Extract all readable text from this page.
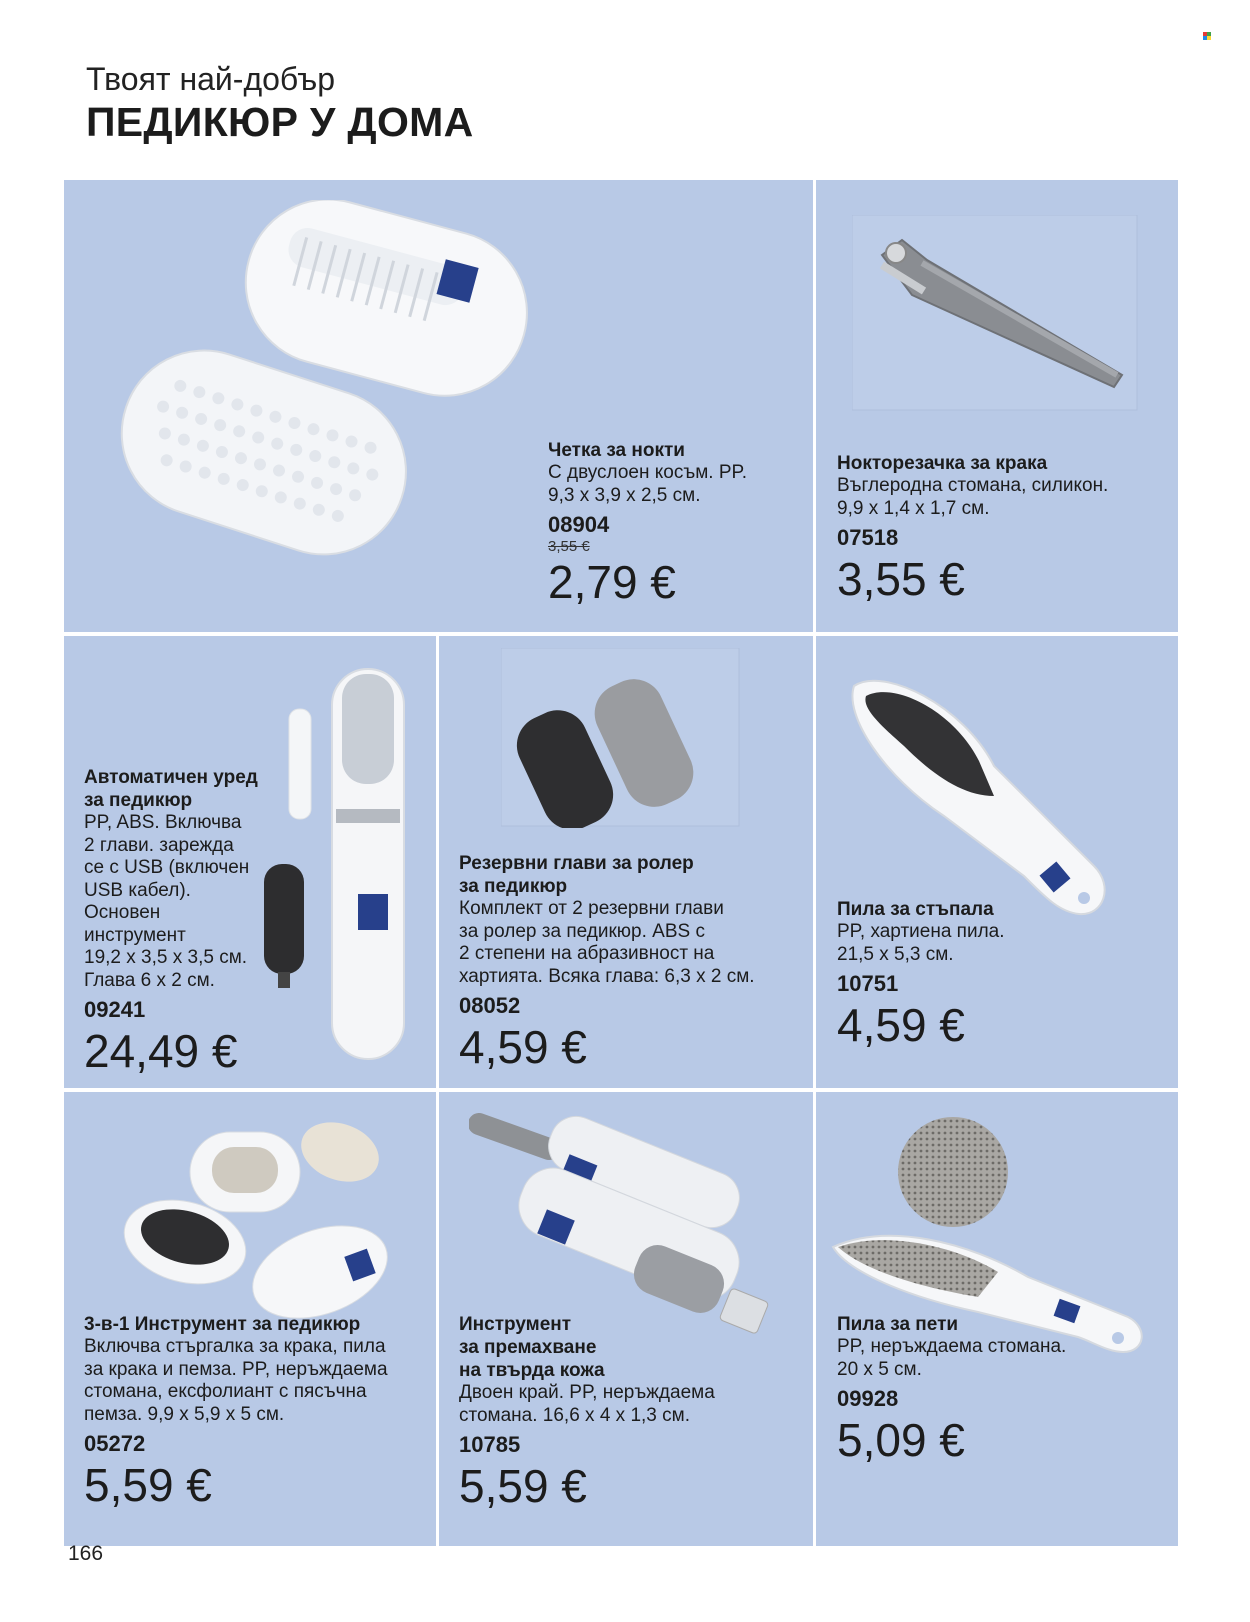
Твоят най-добър
ПЕДИКЮР У ДОМА
Четка за нокти
С двуслоен косъм. PP.
9,3 x 3,9 x 2,5 см.
08904
3,55 €
2,79 €
Нокторезачка за крака
Въглеродна стомана, силикон.
9,9 x 1,4 x 1,7 см.
07518
3,55 €
Автоматичен уред
за педикюр
PP, ABS. Включва
2 глави. зарежда
се с USB (включен
USB кабел).
Основен
инструмент
19,2 x 3,5 x 3,5 см.
Глава 6 x 2 см.
09241
24,49 €
Резервни глави за ролер
за педикюр
Комплект от 2 резервни глави
за ролер за педикюр. ABS с
2 степени на абразивност на
хартията. Всяка глава: 6,3 x 2 см.
08052
4,59 €
Пила за стъпала
PP, хартиена пила.
21,5 x 5,3 см.
10751
4,59 €
3-в-1 Инструмент за педикюр
Включва стъргалка за крака, пила
за крака и пемза. PP, неръждаема
стомана, ексфолиант с пясъчна
пемза. 9,9 x 5,9 x 5 см.
05272
5,59 €
Инструмент
за премахване
на твърда кожа
Двоен край. PP, неръждаема
стомана. 16,6 x 4 x 1,3 см.
10785
5,59 €
Пила за пети
PP, неръждаема стомана.
20 x 5 см.
09928
5,09 €
166
